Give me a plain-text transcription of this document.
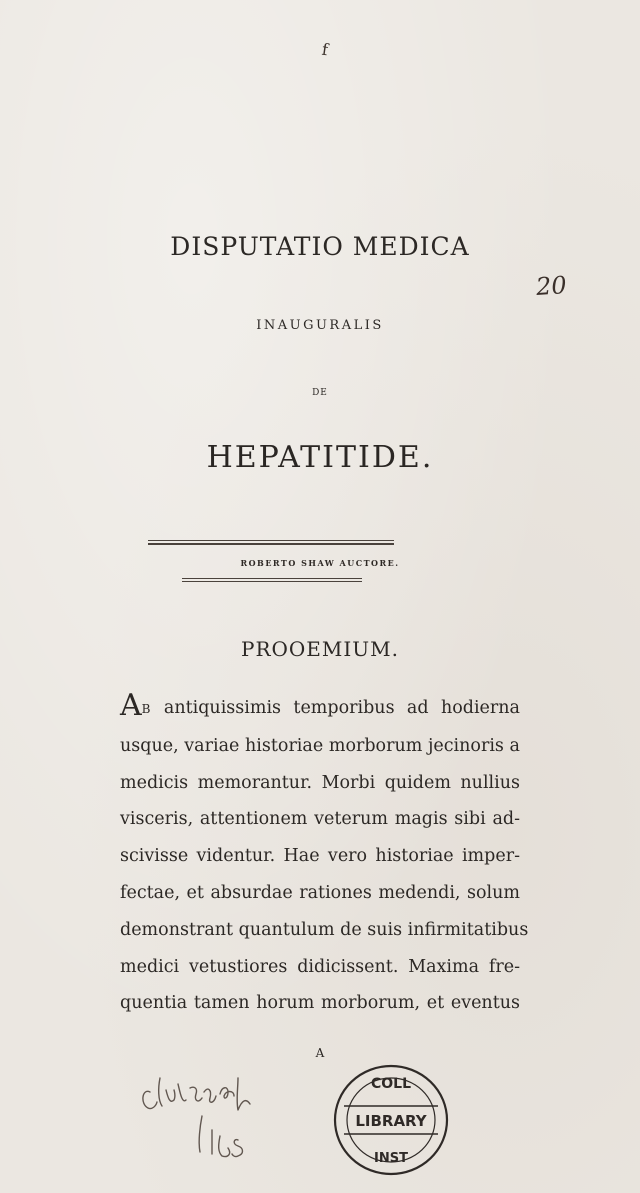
f
DISPUTATIO MEDICA
20
INAUGURALIS
DE
HEPATITIDE.
ROBERTO SHAW AUCTORE.
PROOEMIUM.
AB antiquissimis temporibus ad hodierna
usque, variae historiae morborum jecinoris a
medicis memorantur. Morbi quidem nullius
visceris, attentionem veterum magis sibi ad-
scivisse videntur. Hae vero historiae imper-
fectae, et absurdae rationes medendi, solum
demonstrant quantulum de suis infirmitatibus
medici vetustiores didicissent. Maxima fre-
quentia tamen horum morborum, et eventus
A
COLL
LIBRARY
INST
